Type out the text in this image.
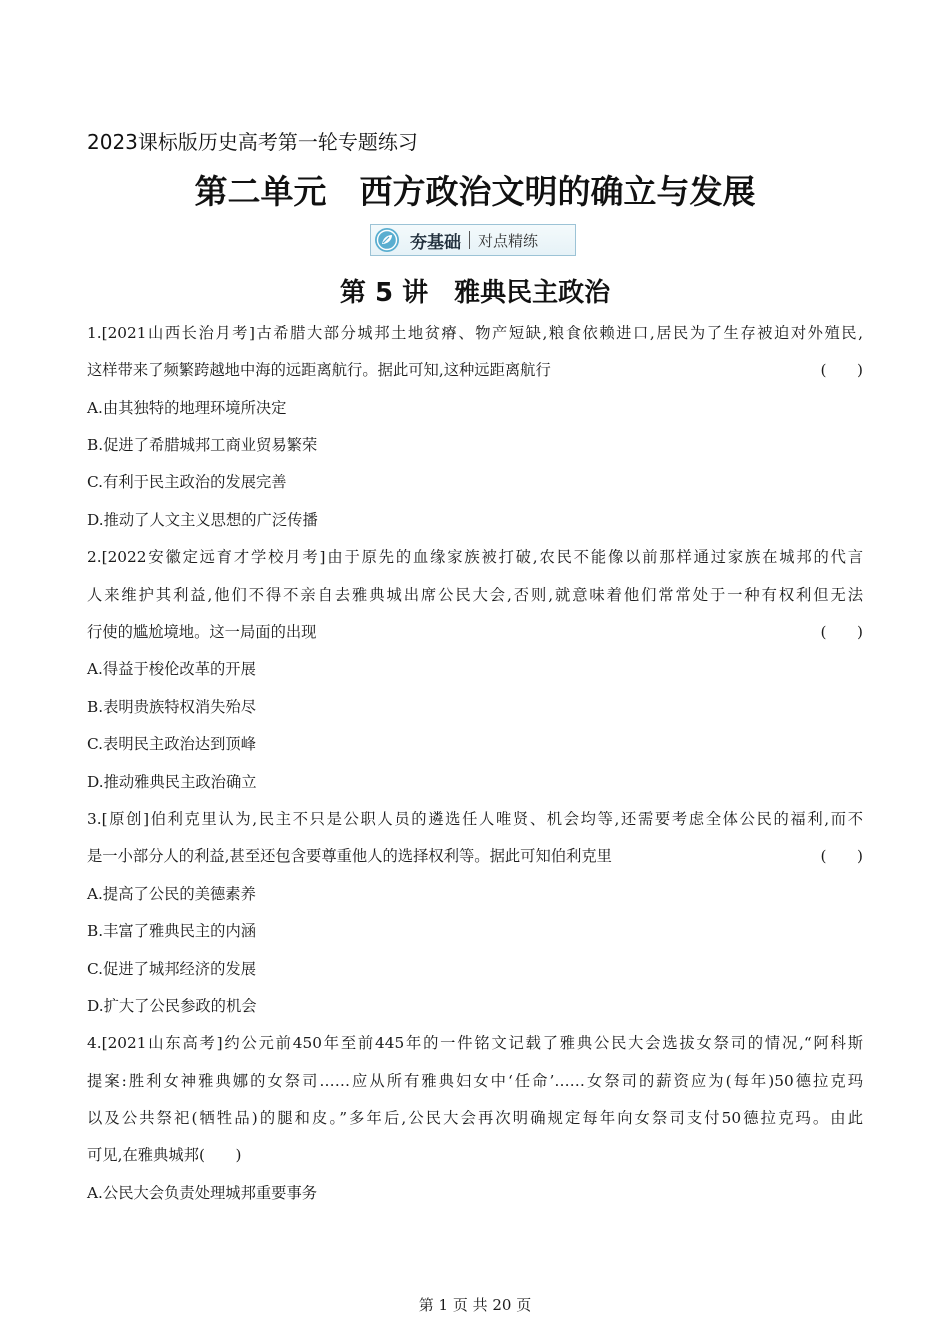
2023课标版历史高考第一轮专题练习
第二单元　西方政治文明的确立与发展
夯基础 对点精练
第 5 讲　雅典民主政治
1.[2021山西长治月考]古希腊大部分城邦土地贫瘠、物产短缺,粮食依赖进口,居民为了生存被迫对外殖民,
这样带来了频繁跨越地中海的远距离航行。据此可知,这种远距离航行	(　　)
A.由其独特的地理环境所决定
B.促进了希腊城邦工商业贸易繁荣
C.有利于民主政治的发展完善
D.推动了人文主义思想的广泛传播
2.[2022安徽定远育才学校月考]由于原先的血缘家族被打破,农民不能像以前那样通过家族在城邦的代言
人来维护其利益,他们不得不亲自去雅典城出席公民大会,否则,就意味着他们常常处于一种有权利但无法
行使的尴尬境地。这一局面的出现	(　　)
A.得益于梭伦改革的开展
B.表明贵族特权消失殆尽
C.表明民主政治达到顶峰
D.推动雅典民主政治确立
3.[原创]伯利克里认为,民主不只是公职人员的遴选任人唯贤、机会均等,还需要考虑全体公民的福利,而不
是一小部分人的利益,甚至还包含要尊重他人的选择权利等。据此可知伯利克里	(　　)
A.提高了公民的美德素养
B.丰富了雅典民主的内涵
C.促进了城邦经济的发展
D.扩大了公民参政的机会
4.[2021山东高考]约公元前450年至前445年的一件铭文记载了雅典公民大会选拔女祭司的情况,“阿科斯
提案:胜利女神雅典娜的女祭司……应从所有雅典妇女中‘任命’……女祭司的薪资应为(每年)50德拉克玛
以及公共祭祀(牺牲品)的腿和皮。”多年后,公民大会再次明确规定每年向女祭司支付50德拉克玛。由此
可见,在雅典城邦(　　)
A.公民大会负责处理城邦重要事务
第 1 页 共 20 页
